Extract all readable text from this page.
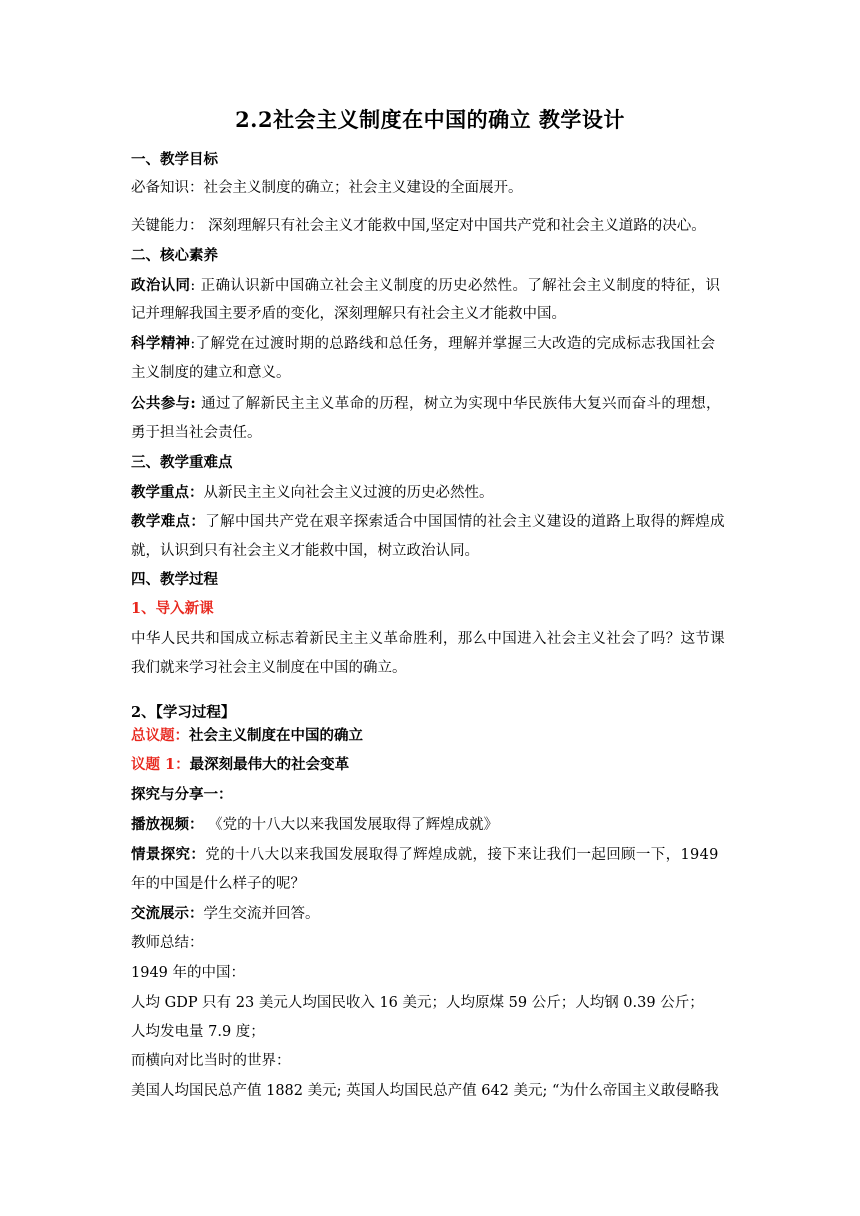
2.2社会主义制度在中国的确立 教学设计
一、教学目标
必备知识：社会主义制度的确立；社会主义建设的全面展开。
关键能力： 深刻理解只有社会主义才能救中国,坚定对中国共产党和社会主义道路的决心。
二、核心素养
政治认同: 正确认识新中国确立社会主义制度的历史必然性。了解社会主义制度的特征，识
记并理解我国主要矛盾的变化，深刻理解只有社会主义才能救中国。
科学精神:了解党在过渡时期的总路线和总任务，理解并掌握三大改造的完成标志我国社会
主义制度的建立和意义。
公共参与: 通过了解新民主主义革命的历程，树立为实现中华民族伟大复兴而奋斗的理想，
勇于担当社会责任。
三、教学重难点
教学重点：从新民主主义向社会主义过渡的历史必然性。
教学难点：了解中国共产党在艰辛探索适合中国国情的社会主义建设的道路上取得的辉煌成
就，认识到只有社会主义才能救中国，树立政治认同。
四、教学过程
1、导入新课
中华人民共和国成立标志着新民主主义革命胜利，那么中国进入社会主义社会了吗？这节课
我们就来学习社会主义制度在中国的确立。
2、【学习过程】
总议题：社会主义制度在中国的确立
议题 1：最深刻最伟大的社会变革
探究与分享一：
播放视频： 《党的十八大以来我国发展取得了辉煌成就》
情景探究：党的十八大以来我国发展取得了辉煌成就，接下来让我们一起回顾一下，1949
年的中国是什么样子的呢？
交流展示：学生交流并回答。
教师总结：
1949 年的中国：
人均 GDP 只有 23 美元人均国民收入 16 美元；人均原煤 59 公斤；人均钢 0.39 公斤；
人均发电量 7.9 度；
而横向对比当时的世界：
美国人均国民总产值 1882 美元; 英国人均国民总产值 642 美元; “为什么帝国主义敢侵略我
